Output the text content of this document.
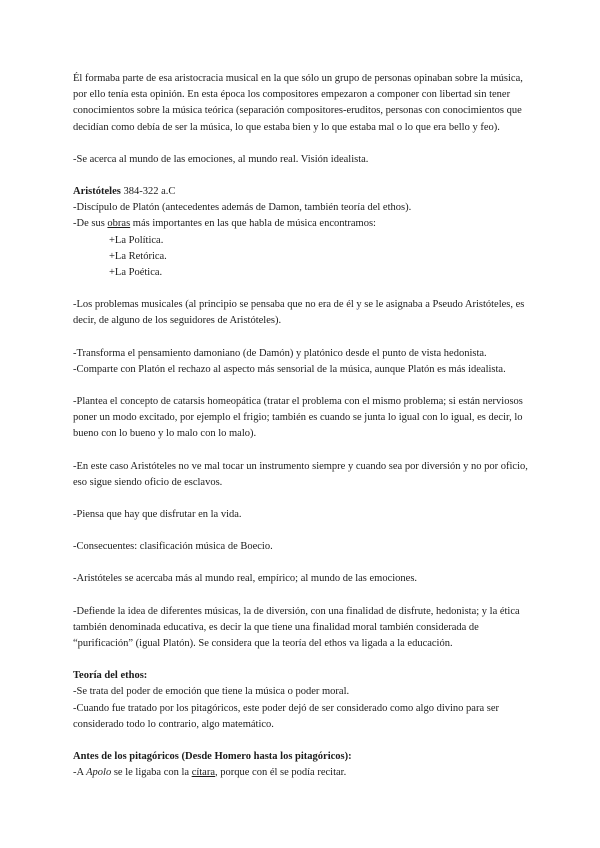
Él formaba parte de esa aristocracia musical en la que sólo un grupo de personas opinaban sobre la música, por ello tenía esta opinión. En esta época los compositores empezaron a componer con libertad sin tener conocimientos sobre la música teórica (separación compositores-eruditos, personas con conocimientos que decidían como debía de ser la música, lo que estaba bien y lo que estaba mal o lo que era bello y feo).

-Se acerca al mundo de las emociones, al mundo real. Visión idealista.

Aristóteles 384-322 a.C

-Discípulo de Platón (antecedentes además de Damon, también teoría del ethos).

-De sus obras más importantes en las que habla de música encontramos:

+La Política.

+La Retórica.

+La Poética.

-Los problemas musicales (al principio se pensaba que no era de él y se le asignaba a Pseudo Aristóteles, es decir, de alguno de los seguidores de Aristóteles).

-Transforma el pensamiento damoniano (de Damón) y platónico desde el punto de vista hedonista.

-Comparte con Platón el rechazo al aspecto más sensorial de la música, aunque Platón es más idealista.

-Plantea el concepto de catarsis homeopática (tratar el problema con el mismo problema; si están nerviosos poner un modo excitado, por ejemplo el frigio; también es cuando se junta lo igual con lo igual, es decir, lo bueno con lo bueno y lo malo con lo malo).

-En este caso Aristóteles no ve mal tocar un instrumento siempre y cuando sea por diversión y no por oficio, eso sigue siendo oficio de esclavos.

-Piensa que hay que disfrutar en la vida.

-Consecuentes: clasificación música de Boecio.

-Aristóteles se acercaba más al mundo real, empírico; al mundo de las emociones.

-Defiende la idea de diferentes músicas, la de diversión, con una finalidad de disfrute, hedonista; y la ética también denominada educativa, es decir la que tiene una finalidad moral también considerada de “purificación” (igual Platón). Se considera que la teoría del ethos va ligada a la educación.

Teoría del ethos:

-Se trata del poder de emoción que tiene la música o poder moral.

-Cuando fue tratado por los pitagóricos, este poder dejó de ser considerado como algo divino para ser considerado todo lo contrario, algo matemático.

Antes de los pitagóricos (Desde Homero hasta los pitagóricos):

-A Apolo se le ligaba con la cítara, porque con él se podía recitar.
